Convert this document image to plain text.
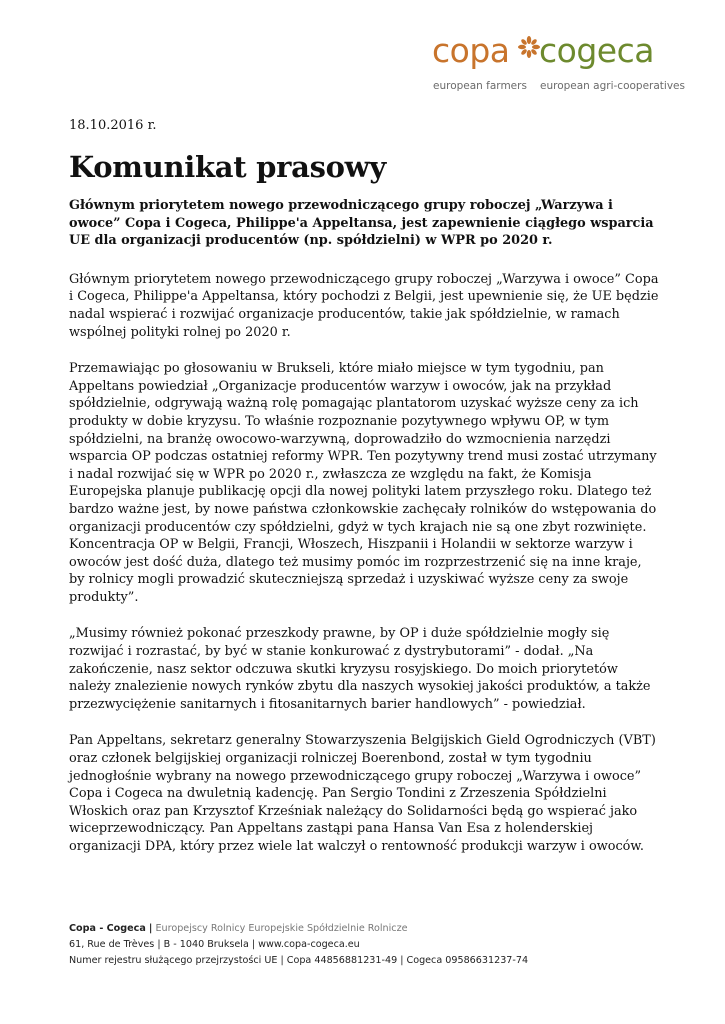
copa cogeca
european farmers european agri-cooperatives
18.10.2016 r.
Komunikat prasowy

Głównym priorytetem nowego przewodniczącego grupy roboczej „Warzywa i owoce” Copa i Cogeca, Philippe'a Appeltansa, jest zapewnienie ciągłego wsparcia UE dla organizacji producentów (np. spółdzielni) w WPR po 2020 r.

Głównym priorytetem nowego przewodniczącego grupy roboczej „Warzywa i owoce” Copa i Cogeca, Philippe'a Appeltansa, który pochodzi z Belgii, jest upewnienie się, że UE będzie nadal wspierać i rozwijać organizacje producentów, takie jak spółdzielnie, w ramach wspólnej polityki rolnej po 2020 r.

Przemawiając po głosowaniu w Brukseli, które miało miejsce w tym tygodniu, pan Appeltans powiedział „Organizacje producentów warzyw i owoców, jak na przykład spółdzielnie, odgrywają ważną rolę pomagając plantatorom uzyskać wyższe ceny za ich produkty w dobie kryzysu. To właśnie rozpoznanie pozytywnego wpływu OP, w tym spółdzielni, na branżę owocowo-warzywną, doprowadziło do wzmocnienia narzędzi wsparcia OP podczas ostatniej reformy WPR. Ten pozytywny trend musi zostać utrzymany i nadal rozwijać się w WPR po 2020 r., zwłaszcza ze względu na fakt, że Komisja Europejska planuje publikację opcji dla nowej polityki latem przyszłego roku. Dlatego też bardzo ważne jest, by nowe państwa członkowskie zachęcały rolników do wstępowania do organizacji producentów czy spółdzielni, gdyż w tych krajach nie są one zbyt rozwinięte. Koncentracja OP w Belgii, Francji, Włoszech, Hiszpanii i Holandii w sektorze warzyw i owoców jest dość duża, dlatego też musimy pomóc im rozprzestrzenić się na inne kraje, by rolnicy mogli prowadzić skuteczniejszą sprzedaż i uzyskiwać wyższe ceny za swoje produkty”.

„Musimy również pokonać przeszkody prawne, by OP i duże spółdzielnie mogły się rozwijać i rozrastać, by być w stanie konkurować z dystrybutorami” - dodał. „Na zakończenie, nasz sektor odczuwa skutki kryzysu rosyjskiego. Do moich priorytetów należy znalezienie nowych rynków zbytu dla naszych wysokiej jakości produktów, a także przezwyciężenie sanitarnych i fitosanitarnych barier handlowych” - powiedział.

Pan Appeltans, sekretarz generalny Stowarzyszenia Belgijskich Gield Ogrodniczych (VBT) oraz członek belgijskiej organizacji rolniczej Boerenbond, został w tym tygodniu jednogłośnie wybrany na nowego przewodniczącego grupy roboczej „Warzywa i owoce” Copa i Cogeca na dwuletnią kadencję. Pan Sergio Tondini z Zrzeszenia Spółdzielni Włoskich oraz pan Krzysztof Krześniak należący do Solidarności będą go wspierać jako wiceprzewodniczący. Pan Appeltans zastąpi pana Hansa Van Esa z holenderskiej organizacji DPA, który przez wiele lat walczył o rentowność produkcji warzyw i owoców.

Copa - Cogeca | Europejscy Rolnicy Europejskie Spółdzielnie Rolnicze
61, Rue de Trèves | B - 1040 Bruksela | www.copa-cogeca.eu
Numer rejestru służącego przejrzystości UE | Copa 44856881231-49 | Cogeca 09586631237-74
